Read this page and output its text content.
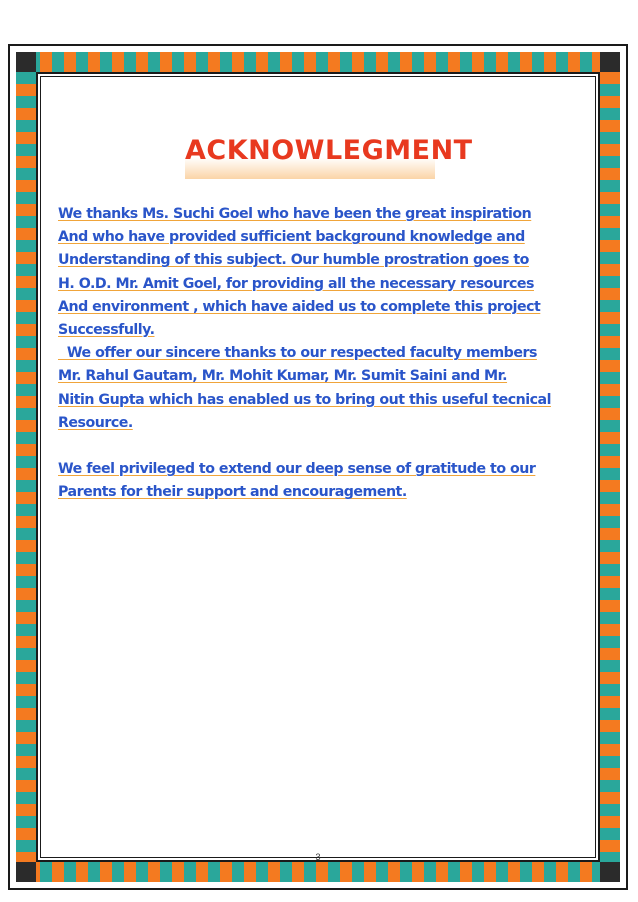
ACKNOWLEGMENT
We thanks Ms. Suchi Goel who have been the great inspiration
And who have provided sufficient background knowledge and
Understanding of this subject. Our humble prostration goes to
H. O.D. Mr. Amit Goel, for providing all the necessary resources
And environment , which have aided us to complete this project
Successfully.
We offer our sincere thanks to our respected faculty members
Mr. Rahul Gautam, Mr. Mohit Kumar, Mr. Sumit Saini and Mr.
Nitin Gupta which has enabled us to bring out this useful tecnical
Resource.
We feel privileged to extend our deep sense of gratitude to our
Parents for their support and encouragement.
3
